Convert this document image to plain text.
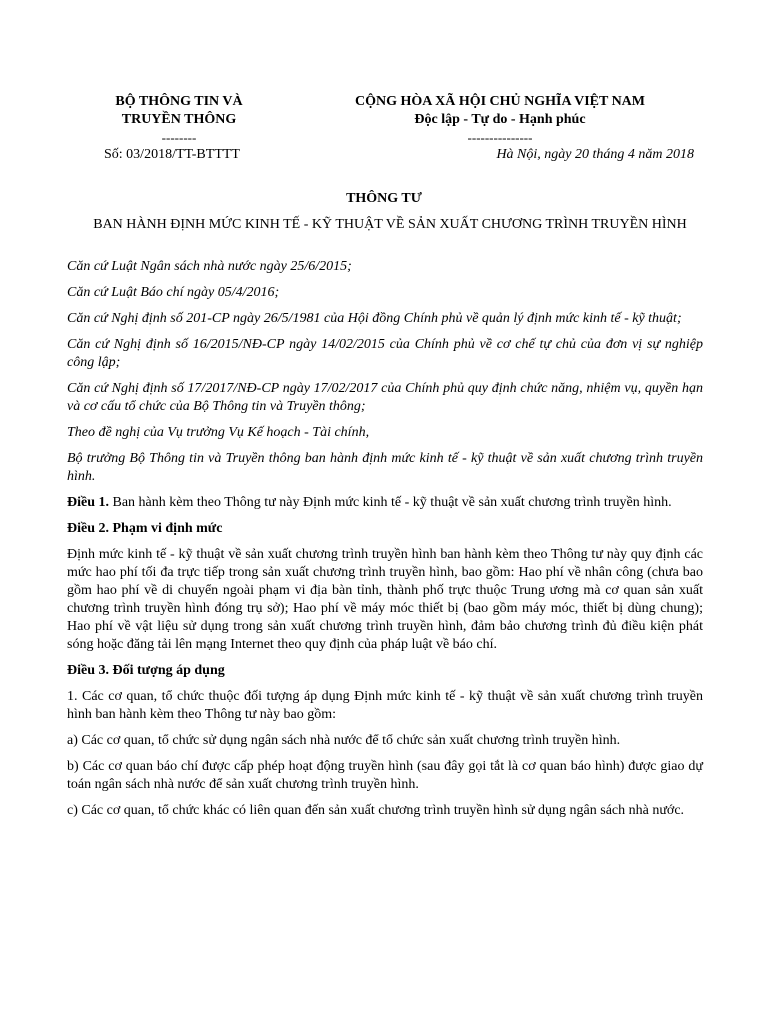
BỘ THÔNG TIN VÀ
TRUYỀN THÔNG
--------
CỘNG HÒA XÃ HỘI CHỦ NGHĨA VIỆT NAM
Độc lập - Tự do - Hạnh phúc
---------------
Số: 03/2018/TT-BTTTT	Hà Nội, ngày 20 tháng 4 năm 2018
THÔNG TƯ
BAN HÀNH ĐỊNH MỨC KINH TẾ - KỸ THUẬT VỀ SẢN XUẤT CHƯƠNG TRÌNH TRUYỀN HÌNH

Căn cứ Luật Ngân sách nhà nước ngày 25/6/2015;

Căn cứ Luật Báo chí ngày 05/4/2016;

Căn cứ Nghị định số 201-CP ngày 26/5/1981 của Hội đồng Chính phủ về quản lý định mức kinh tế - kỹ thuật;

Căn cứ Nghị định số 16/2015/NĐ-CP ngày 14/02/2015 của Chính phủ về cơ chế tự chủ của đơn vị sự nghiệp công lập;

Căn cứ Nghị định số 17/2017/NĐ-CP ngày 17/02/2017 của Chính phủ quy định chức năng, nhiệm vụ, quyền hạn và cơ cấu tổ chức của Bộ Thông tin và Truyền thông;

Theo đề nghị của Vụ trưởng Vụ Kế hoạch - Tài chính,

Bộ trưởng Bộ Thông tin và Truyền thông ban hành định mức kinh tế - kỹ thuật về sản xuất chương trình truyền hình.

Điều 1. Ban hành kèm theo Thông tư này Định mức kinh tế - kỹ thuật về sản xuất chương trình truyền hình.

Điều 2. Phạm vi định mức

Định mức kinh tế - kỹ thuật về sản xuất chương trình truyền hình ban hành kèm theo Thông tư này quy định các mức hao phí tối đa trực tiếp trong sản xuất chương trình truyền hình, bao gồm: Hao phí về nhân công (chưa bao gồm hao phí về di chuyển ngoài phạm vi địa bàn tỉnh, thành phố trực thuộc Trung ương mà cơ quan sản xuất chương trình truyền hình đóng trụ sở); Hao phí về máy móc thiết bị (bao gồm máy móc, thiết bị dùng chung); Hao phí về vật liệu sử dụng trong sản xuất chương trình truyền hình, đảm bảo chương trình đủ điều kiện phát sóng hoặc đăng tải lên mạng Internet theo quy định của pháp luật về báo chí.

Điều 3. Đối tượng áp dụng

1. Các cơ quan, tổ chức thuộc đối tượng áp dụng Định mức kinh tế - kỹ thuật về sản xuất chương trình truyền hình ban hành kèm theo Thông tư này bao gồm:

a) Các cơ quan, tổ chức sử dụng ngân sách nhà nước để tổ chức sản xuất chương trình truyền hình.

b) Các cơ quan báo chí được cấp phép hoạt động truyền hình (sau đây gọi tắt là cơ quan báo hình) được giao dự toán ngân sách nhà nước để sản xuất chương trình truyền hình.

c) Các cơ quan, tổ chức khác có liên quan đến sản xuất chương trình truyền hình sử dụng ngân sách nhà nước.
